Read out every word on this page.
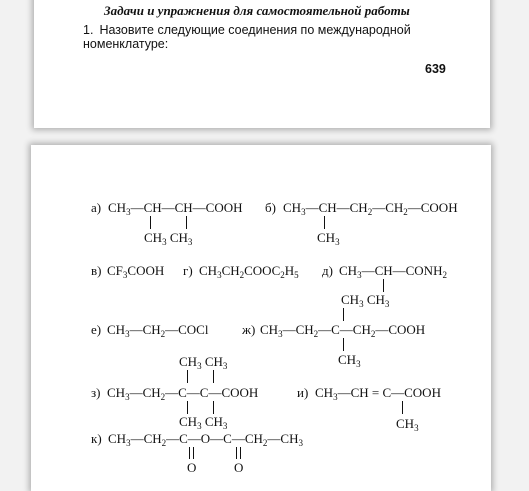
Задачи и упражнения для самостоятельной работы
1. Назовите следующие соединения по международной номенклатуре:
639
а) $CH_3—CH—CH—COOH$
$CH_3$ $CH_3$
б) $CH_3—CH—CH_2—CH_2—COOH$
$CH_3$
в) $CF_3COOH$ г) $CH_3CH_2COOC_2H_5$ д) $CH_3—CH—CONH_2$
$CH_3$ $CH_3$
е) $CH_3—CH_2—COCl$	ж) $CH_3—CH_2—C—CH_2—COOH$
$CH_3$
$CH_3$ $CH_3$
з) $CH_3—CH_2—C—C—COOH$
$CH_3$ $CH_3$
и) $CH_3—CH$ = C—COOH
$CH_3$
к) $CH_3—CH_2—C—O—C—CH_2—CH_3$
O	O
